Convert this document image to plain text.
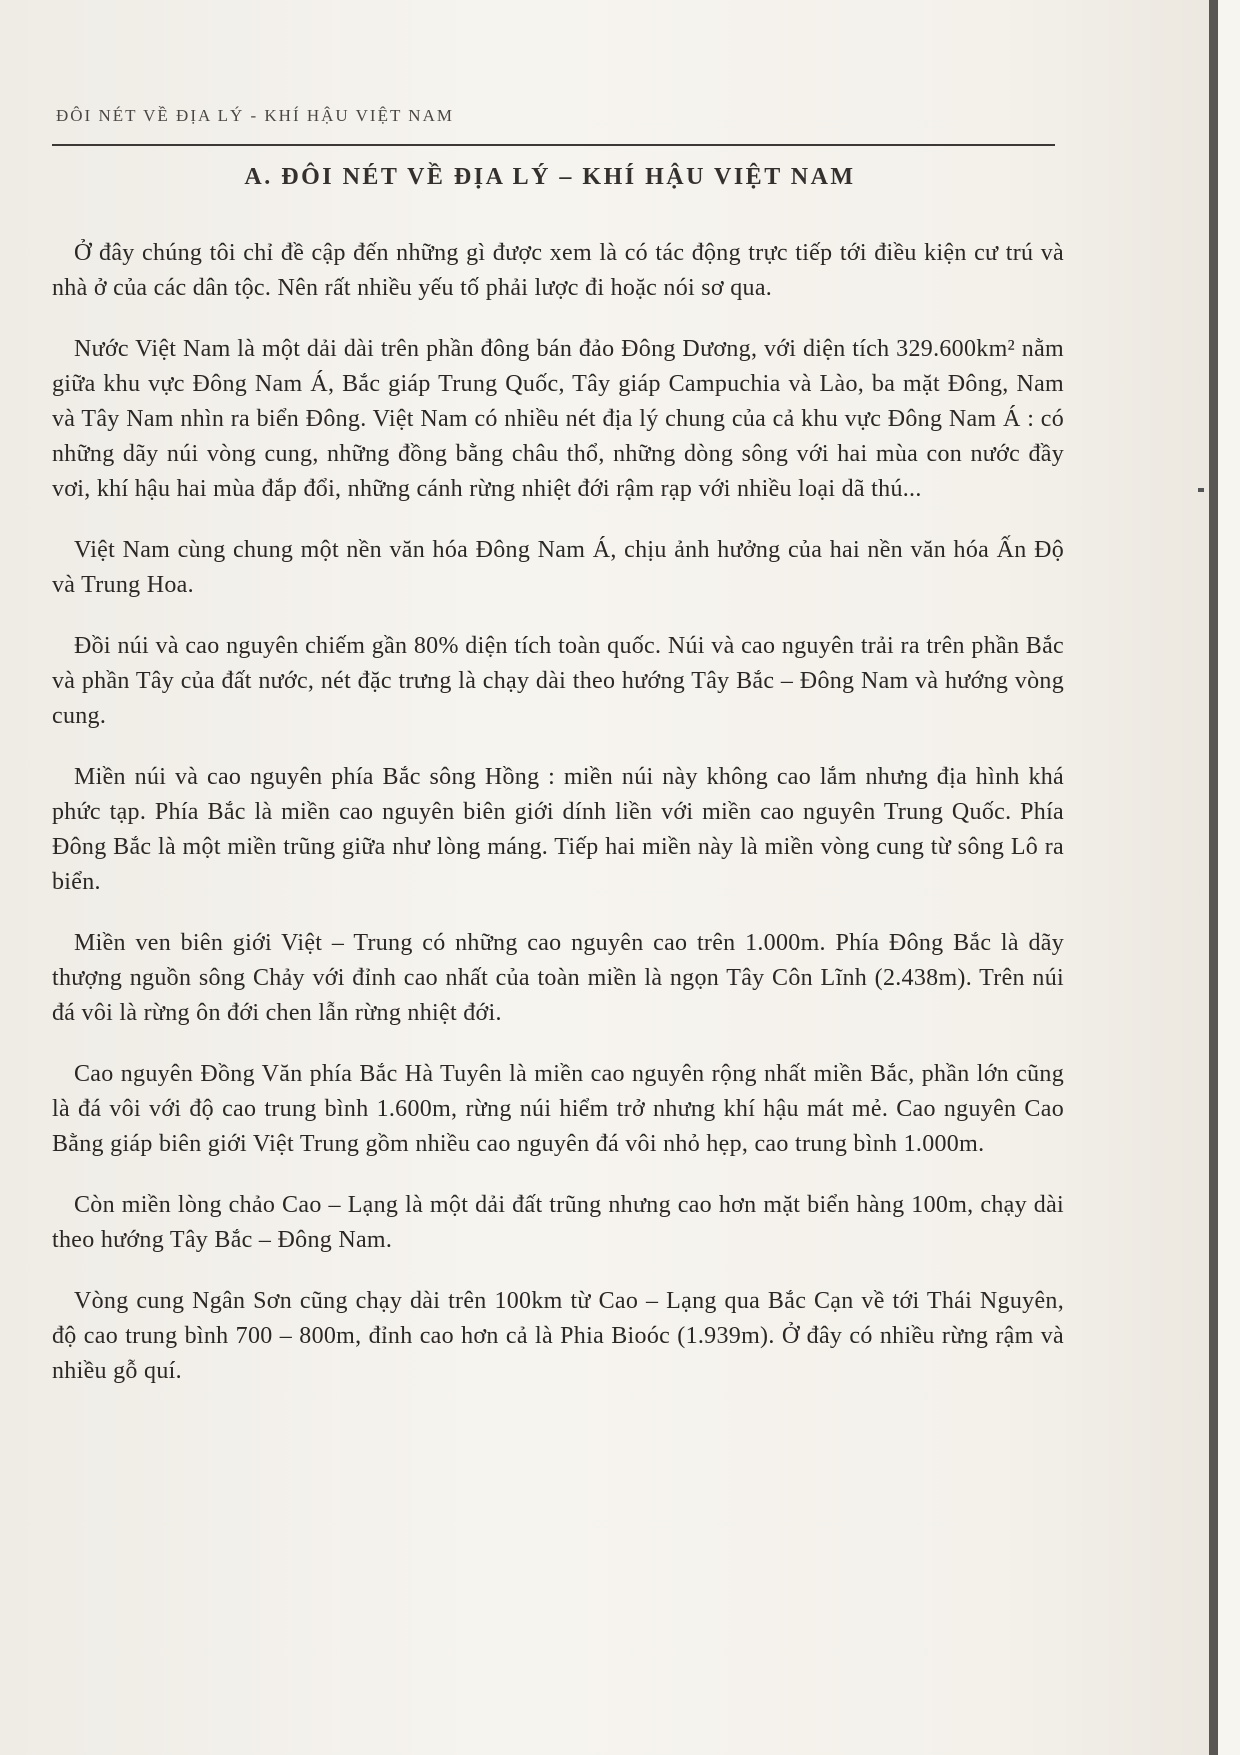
ĐÔI NÉT VỀ ĐỊA LÝ - KHÍ HẬU VIỆT NAM
A. ĐÔI NÉT VỀ ĐỊA LÝ – KHÍ HẬU VIỆT NAM

Ở đây chúng tôi chỉ đề cập đến những gì được xem là có tác động trực tiếp tới điều kiện cư trú và nhà ở của các dân tộc. Nên rất nhiều yếu tố phải lược đi hoặc nói sơ qua.

Nước Việt Nam là một dải dài trên phần đông bán đảo Đông Dương, với diện tích 329.600km² nằm giữa khu vực Đông Nam Á, Bắc giáp Trung Quốc, Tây giáp Campuchia và Lào, ba mặt Đông, Nam và Tây Nam nhìn ra biển Đông. Việt Nam có nhiều nét địa lý chung của cả khu vực Đông Nam Á : có những dãy núi vòng cung, những đồng bằng châu thổ, những dòng sông với hai mùa con nước đầy vơi, khí hậu hai mùa đắp đổi, những cánh rừng nhiệt đới rậm rạp với nhiều loại dã thú...

Việt Nam cùng chung một nền văn hóa Đông Nam Á, chịu ảnh hưởng của hai nền văn hóa Ấn Độ và Trung Hoa.

Đồi núi và cao nguyên chiếm gần 80% diện tích toàn quốc. Núi và cao nguyên trải ra trên phần Bắc và phần Tây của đất nước, nét đặc trưng là chạy dài theo hướng Tây Bắc – Đông Nam và hướng vòng cung.

Miền núi và cao nguyên phía Bắc sông Hồng : miền núi này không cao lắm nhưng địa hình khá phức tạp. Phía Bắc là miền cao nguyên biên giới dính liền với miền cao nguyên Trung Quốc. Phía Đông Bắc là một miền trũng giữa như lòng máng. Tiếp hai miền này là miền vòng cung từ sông Lô ra biển.

Miền ven biên giới Việt – Trung có những cao nguyên cao trên 1.000m. Phía Đông Bắc là dãy thượng nguồn sông Chảy với đỉnh cao nhất của toàn miền là ngọn Tây Côn Lĩnh (2.438m). Trên núi đá vôi là rừng ôn đới chen lẫn rừng nhiệt đới.

Cao nguyên Đồng Văn phía Bắc Hà Tuyên là miền cao nguyên rộng nhất miền Bắc, phần lớn cũng là đá vôi với độ cao trung bình 1.600m, rừng núi hiểm trở nhưng khí hậu mát mẻ. Cao nguyên Cao Bằng giáp biên giới Việt Trung gồm nhiều cao nguyên đá vôi nhỏ hẹp, cao trung bình 1.000m.

Còn miền lòng chảo Cao – Lạng là một dải đất trũng nhưng cao hơn mặt biển hàng 100m, chạy dài theo hướng Tây Bắc – Đông Nam.

Vòng cung Ngân Sơn cũng chạy dài trên 100km từ Cao – Lạng qua Bắc Cạn về tới Thái Nguyên, độ cao trung bình 700 – 800m, đỉnh cao hơn cả là Phia Bioóc (1.939m). Ở đây có nhiều rừng rậm và nhiều gỗ quí.
